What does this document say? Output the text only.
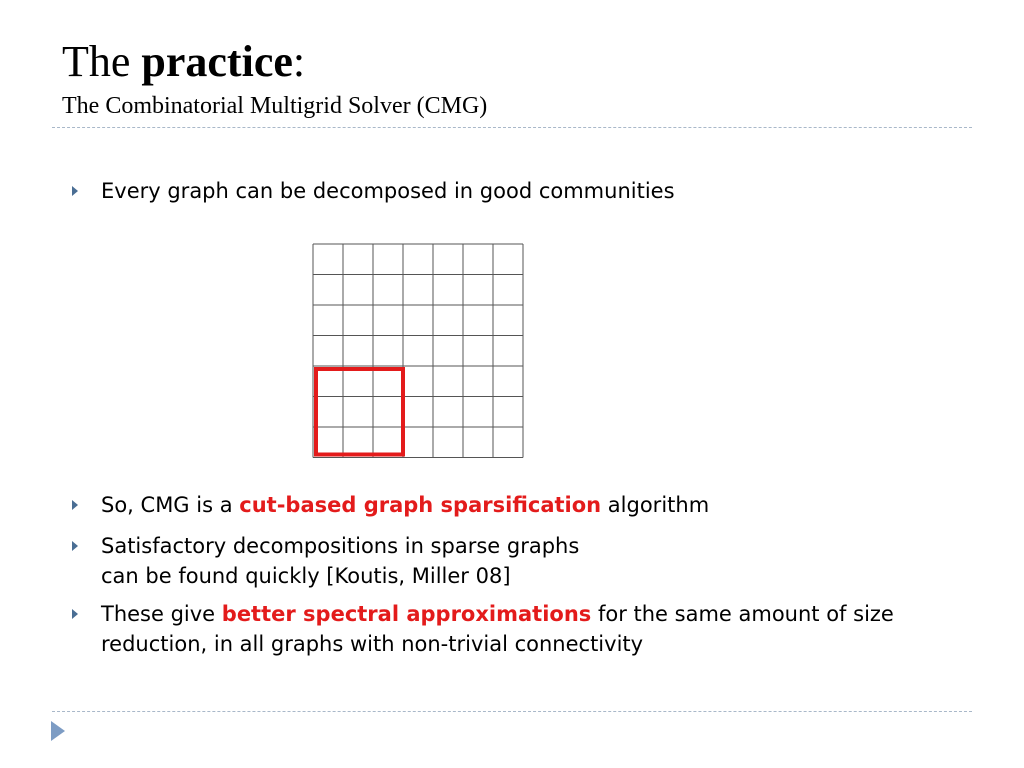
The practice:
The Combinatorial Multigrid Solver (CMG)
Every graph can be decomposed in good communities
So, CMG is a cut-based graph sparsification algorithm
Satisfactory decompositions in sparse graphs
can be found quickly [Koutis, Miller 08]
These give better spectral approximations for the same amount of size reduction, in all graphs with non-trivial connectivity
